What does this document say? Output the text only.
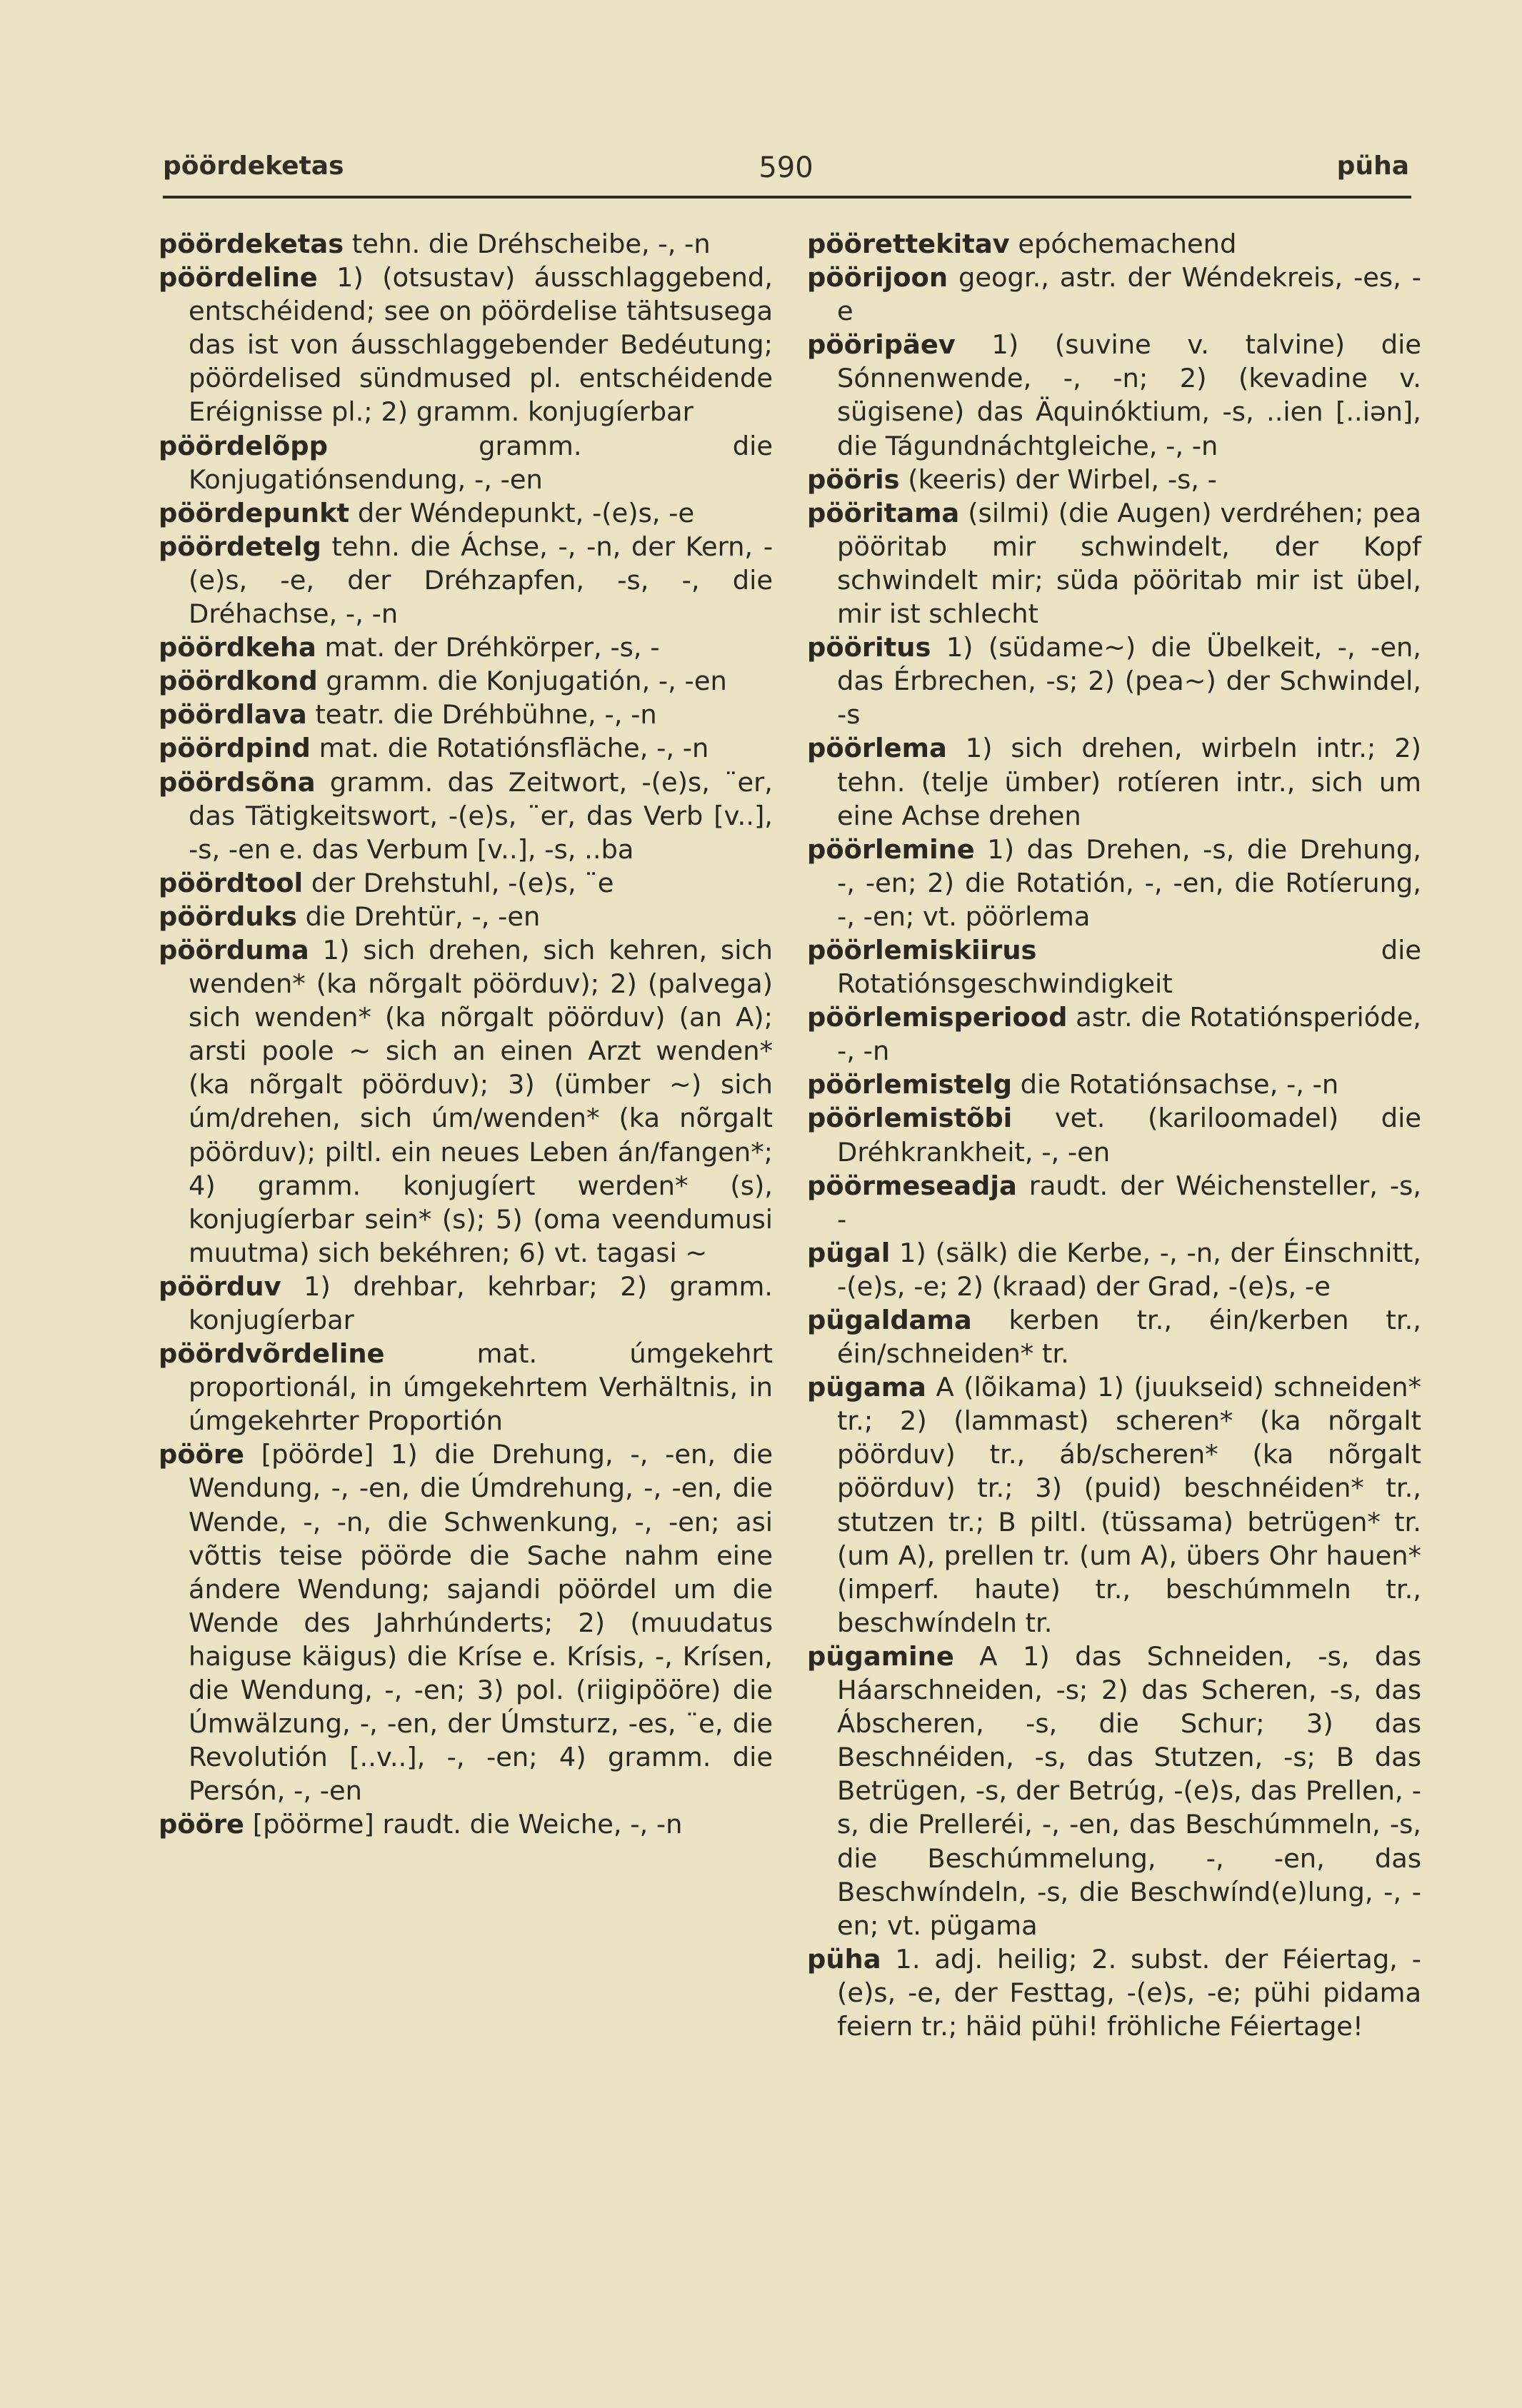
pöördeketas	590	püha

pöördeketas tehn. die Dréhscheibe, -, -n

pöördeline 1) (otsustav) áusschlaggebend, entschéidend; see on pöördelise tähtsusega das ist von áusschlaggebender Bedéutung; pöördelised sündmused pl. entschéidende Eréignisse pl.; 2) gramm. konjugíerbar

pöördelõpp gramm. die Konjugatiónsendung, -, -en

pöördepunkt der Wéndepunkt, -(e)s, -e

pöördetelg tehn. die Áchse, -, -n, der Kern, -(e)s, -e, der Dréhzapfen, -s, -, die Dréhachse, -, -n

pöördkeha mat. der Dréhkörper, -s, -

pöördkond gramm. die Konjugatión, -, -en

pöördlava teatr. die Dréhbühne, -, -n

pöördpind mat. die Rotatiónsfläche, -, -n

pöördsõna gramm. das Zeitwort, -(e)s, ¨er, das Tätigkeitswort, -(e)s, ¨er, das Verb [v..], -s, -en e. das Verbum [v..], -s, ..ba

pöördtool der Drehstuhl, -(e)s, ¨e

pöörduks die Drehtür, -, -en

pöörduma 1) sich drehen, sich kehren, sich wenden* (ka nõrgalt pöörduv); 2) (palvega) sich wenden* (ka nõrgalt pöörduv) (an A); arsti poole ~ sich an einen Arzt wenden* (ka nõrgalt pöörduv); 3) (ümber ~) sich úm/drehen, sich úm/wenden* (ka nõrgalt pöörduv); piltl. ein neues Leben án/fangen*; 4) gramm. konjugíert werden* (s), konjugíerbar sein* (s); 5) (oma veendumusi muutma) sich bekéhren; 6) vt. tagasi ~

pöörduv 1) drehbar, kehrbar; 2) gramm. konjugíerbar

pöördvõrdeline mat. úmgekehrt proportionál, in úmgekehrtem Verhältnis, in úmgekehrter Proportión

pööre [pöörde] 1) die Drehung, -, -en, die Wendung, -, -en, die Úmdrehung, -, -en, die Wende, -, -n, die Schwenkung, -, -en; asi võttis teise pöörde die Sache nahm eine ándere Wendung; sajandi pöördel um die Wende des Jahrhúnderts; 2) (muudatus haiguse käigus) die Kríse e. Krísis, -, Krísen, die Wendung, -, -en; 3) pol. (riigipööre) die Úmwälzung, -, -en, der Úmsturz, -es, ¨e, die Revolutión [..v..], -, -en; 4) gramm. die Persón, -, -en

pööre [pöörme] raudt. die Weiche, -, -n

pöörettekitav epóchemachend

pöörijoon geogr., astr. der Wéndekreis, -es, -e

pööripäev 1) (suvine v. talvine) die Sónnenwende, -, -n; 2) (kevadine v. sügisene) das Äquinóktium, -s, ..ien [..iən], die Tágundnáchtgleiche, -, -n

pööris (keeris) der Wirbel, -s, -

pööritama (silmi) (die Augen) verdréhen; pea pööritab mir schwindelt, der Kopf schwindelt mir; süda pööritab mir ist übel, mir ist schlecht

pööritus 1) (südame~) die Übelkeit, -, -en, das Érbrechen, -s; 2) (pea~) der Schwindel, -s

pöörlema 1) sich drehen, wirbeln intr.; 2) tehn. (telje ümber) rotíeren intr., sich um eine Achse drehen

pöörlemine 1) das Drehen, -s, die Drehung, -, -en; 2) die Rotatión, -, -en, die Rotíerung, -, -en; vt. pöörlema

pöörlemiskiirus die Rotatiónsgeschwindigkeit

pöörlemisperiood astr. die Rotatiónsperióde, -, -n

pöörlemistelg die Rotatiónsachse, -, -n

pöörlemistõbi vet. (kariloomadel) die Dréhkrankheit, -, -en

pöörmeseadja raudt. der Wéichensteller, -s, -

pügal 1) (sälk) die Kerbe, -, -n, der Éinschnitt, -(e)s, -e; 2) (kraad) der Grad, -(e)s, -e

pügaldama kerben tr., éin/kerben tr., éin/schneiden* tr.

pügama A (lõikama) 1) (juukseid) schneiden* tr.; 2) (lammast) scheren* (ka nõrgalt pöörduv) tr., áb/scheren* (ka nõrgalt pöörduv) tr.; 3) (puid) beschnéiden* tr., stutzen tr.; B piltl. (tüssama) betrügen* tr. (um A), prellen tr. (um A), übers Ohr hauen* (imperf. haute) tr., beschúmmeln tr., beschwíndeln tr.

pügamine A 1) das Schneiden, -s, das Háarschneiden, -s; 2) das Scheren, -s, das Ábscheren, -s, die Schur; 3) das Beschnéiden, -s, das Stutzen, -s; B das Betrügen, -s, der Betrúg, -(e)s, das Prellen, -s, die Prelleréi, -, -en, das Beschúmmeln, -s, die Beschúmmelung, -, -en, das Beschwíndeln, -s, die Beschwínd(e)lung, -, -en; vt. pügama

püha 1. adj. heilig; 2. subst. der Féiertag, -(e)s, -e, der Festtag, -(e)s, -e; pühi pidama feiern tr.; häid pühi! fröhliche Féiertage!
